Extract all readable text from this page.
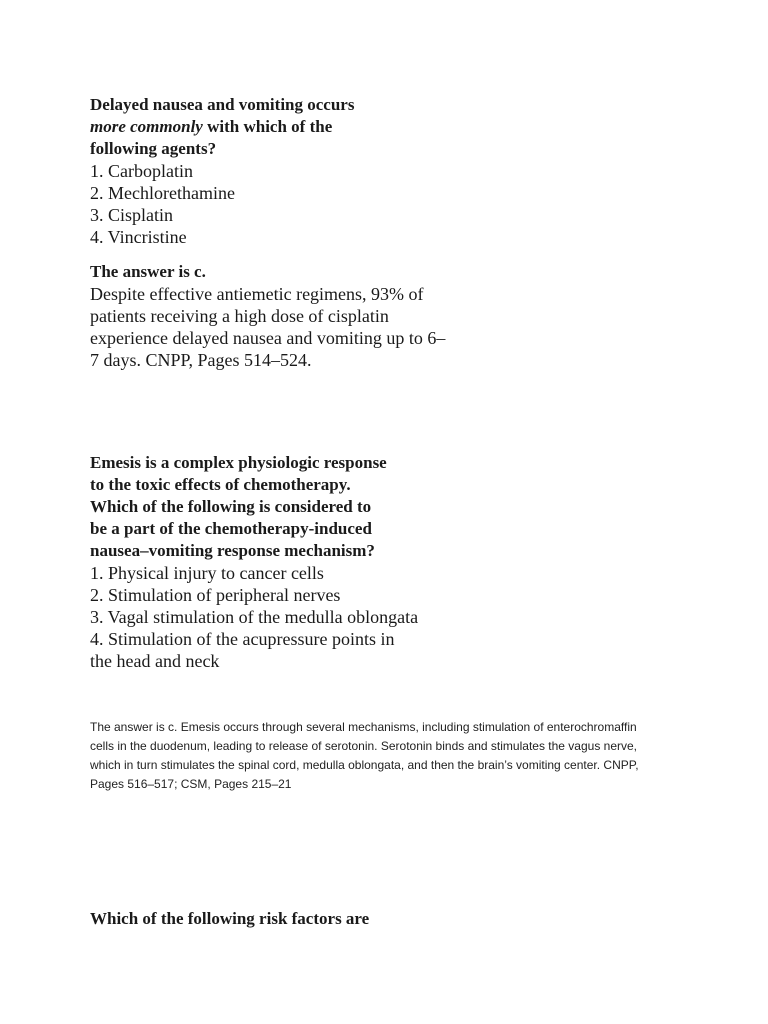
Delayed nausea and vomiting occurs
more commonly with which of the
following agents?
1. Carboplatin
2. Mechlorethamine
3. Cisplatin
4. Vincristine
The answer is c.
Despite effective antiemetic regimens, 93% of
patients receiving a high dose of cisplatin
experience delayed nausea and vomiting up to 6–
7 days. CNPP, Pages 514–524.
Emesis is a complex physiologic response
to the toxic effects of chemotherapy.
Which of the following is considered to
be a part of the chemotherapy-induced
nausea–vomiting response mechanism?
1. Physical injury to cancer cells
2. Stimulation of peripheral nerves
3. Vagal stimulation of the medulla oblongata
4. Stimulation of the acupressure points in
the head and neck
The answer is c. Emesis occurs through several mechanisms, including stimulation of enterochromaffin
cells in the duodenum, leading to release of serotonin. Serotonin binds and stimulates the vagus nerve,
which in turn stimulates the spinal cord, medulla oblongata, and then the brain’s vomiting center. CNPP,
Pages 516–517; CSM, Pages 215–21
Which of the following risk factors are
